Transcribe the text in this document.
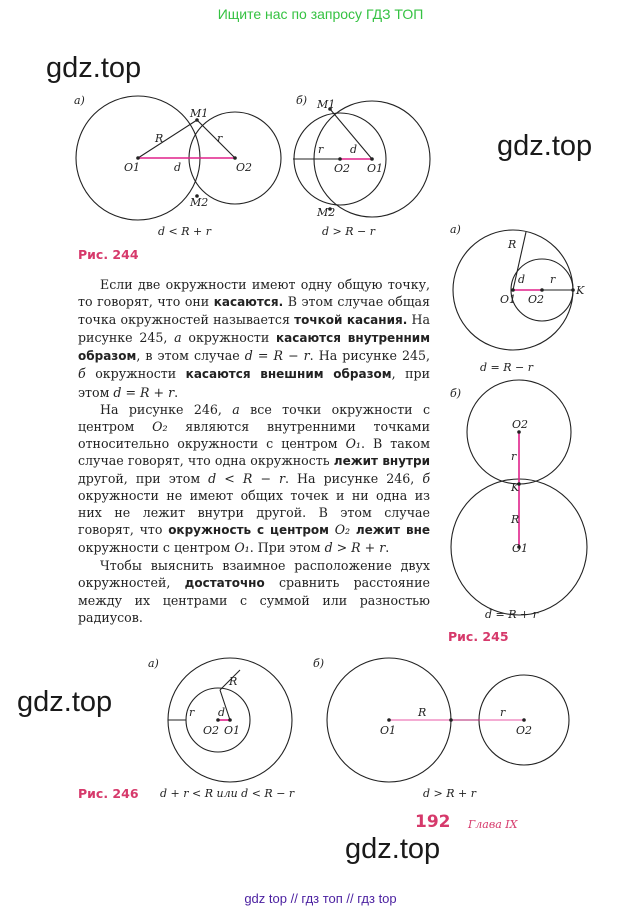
Ищите нас по запросу ГДЗ ТОП
gdz.top
gdz.top
gdz.top
gdz.top
а)
M1
R	r
O1	d	O2
M2
б) M1
r d
O2 O1
M2
а)
R
d r
O1 O2
K
б)
O2
r
K
R
O1
а)
R
r d
O2 O1
б)
R	r
O1	O2
d < R + r	d > R − r
Рис. 244
d = R − r
d = R + r
Рис. 245
Рис. 246 d + r < R или d < R − r	d > R + r

Если две окружности имеют одну общую точку, то говорят, что они касаются. В этом случае общая точка окружностей называется точкой касания. На рисунке 245, а окружности касаются внутренним образом, в этом случае d = R − r. На рисунке 245, б окружности касаются внешним образом, при этом d = R + r.

На рисунке 246, а все точки окружности с центром O₂ являются внутренними точками относительно окружности с центром O₁. В таком случае говорят, что одна окружность лежит внутри другой, при этом d < R − r. На рисунке 246, б окружности не имеют общих точек и ни одна из них не лежит внутри другой. В этом случае говорят, что окружность с центром O₂ лежит вне окружности с центром O₁. При этом d > R + r.

Чтобы выяснить взаимное расположение двух окружностей, достаточно сравнить расстояние между их центрами с суммой или разностью радиусов.

192 Глава IX
gdz top // гдз топ // гдз top
